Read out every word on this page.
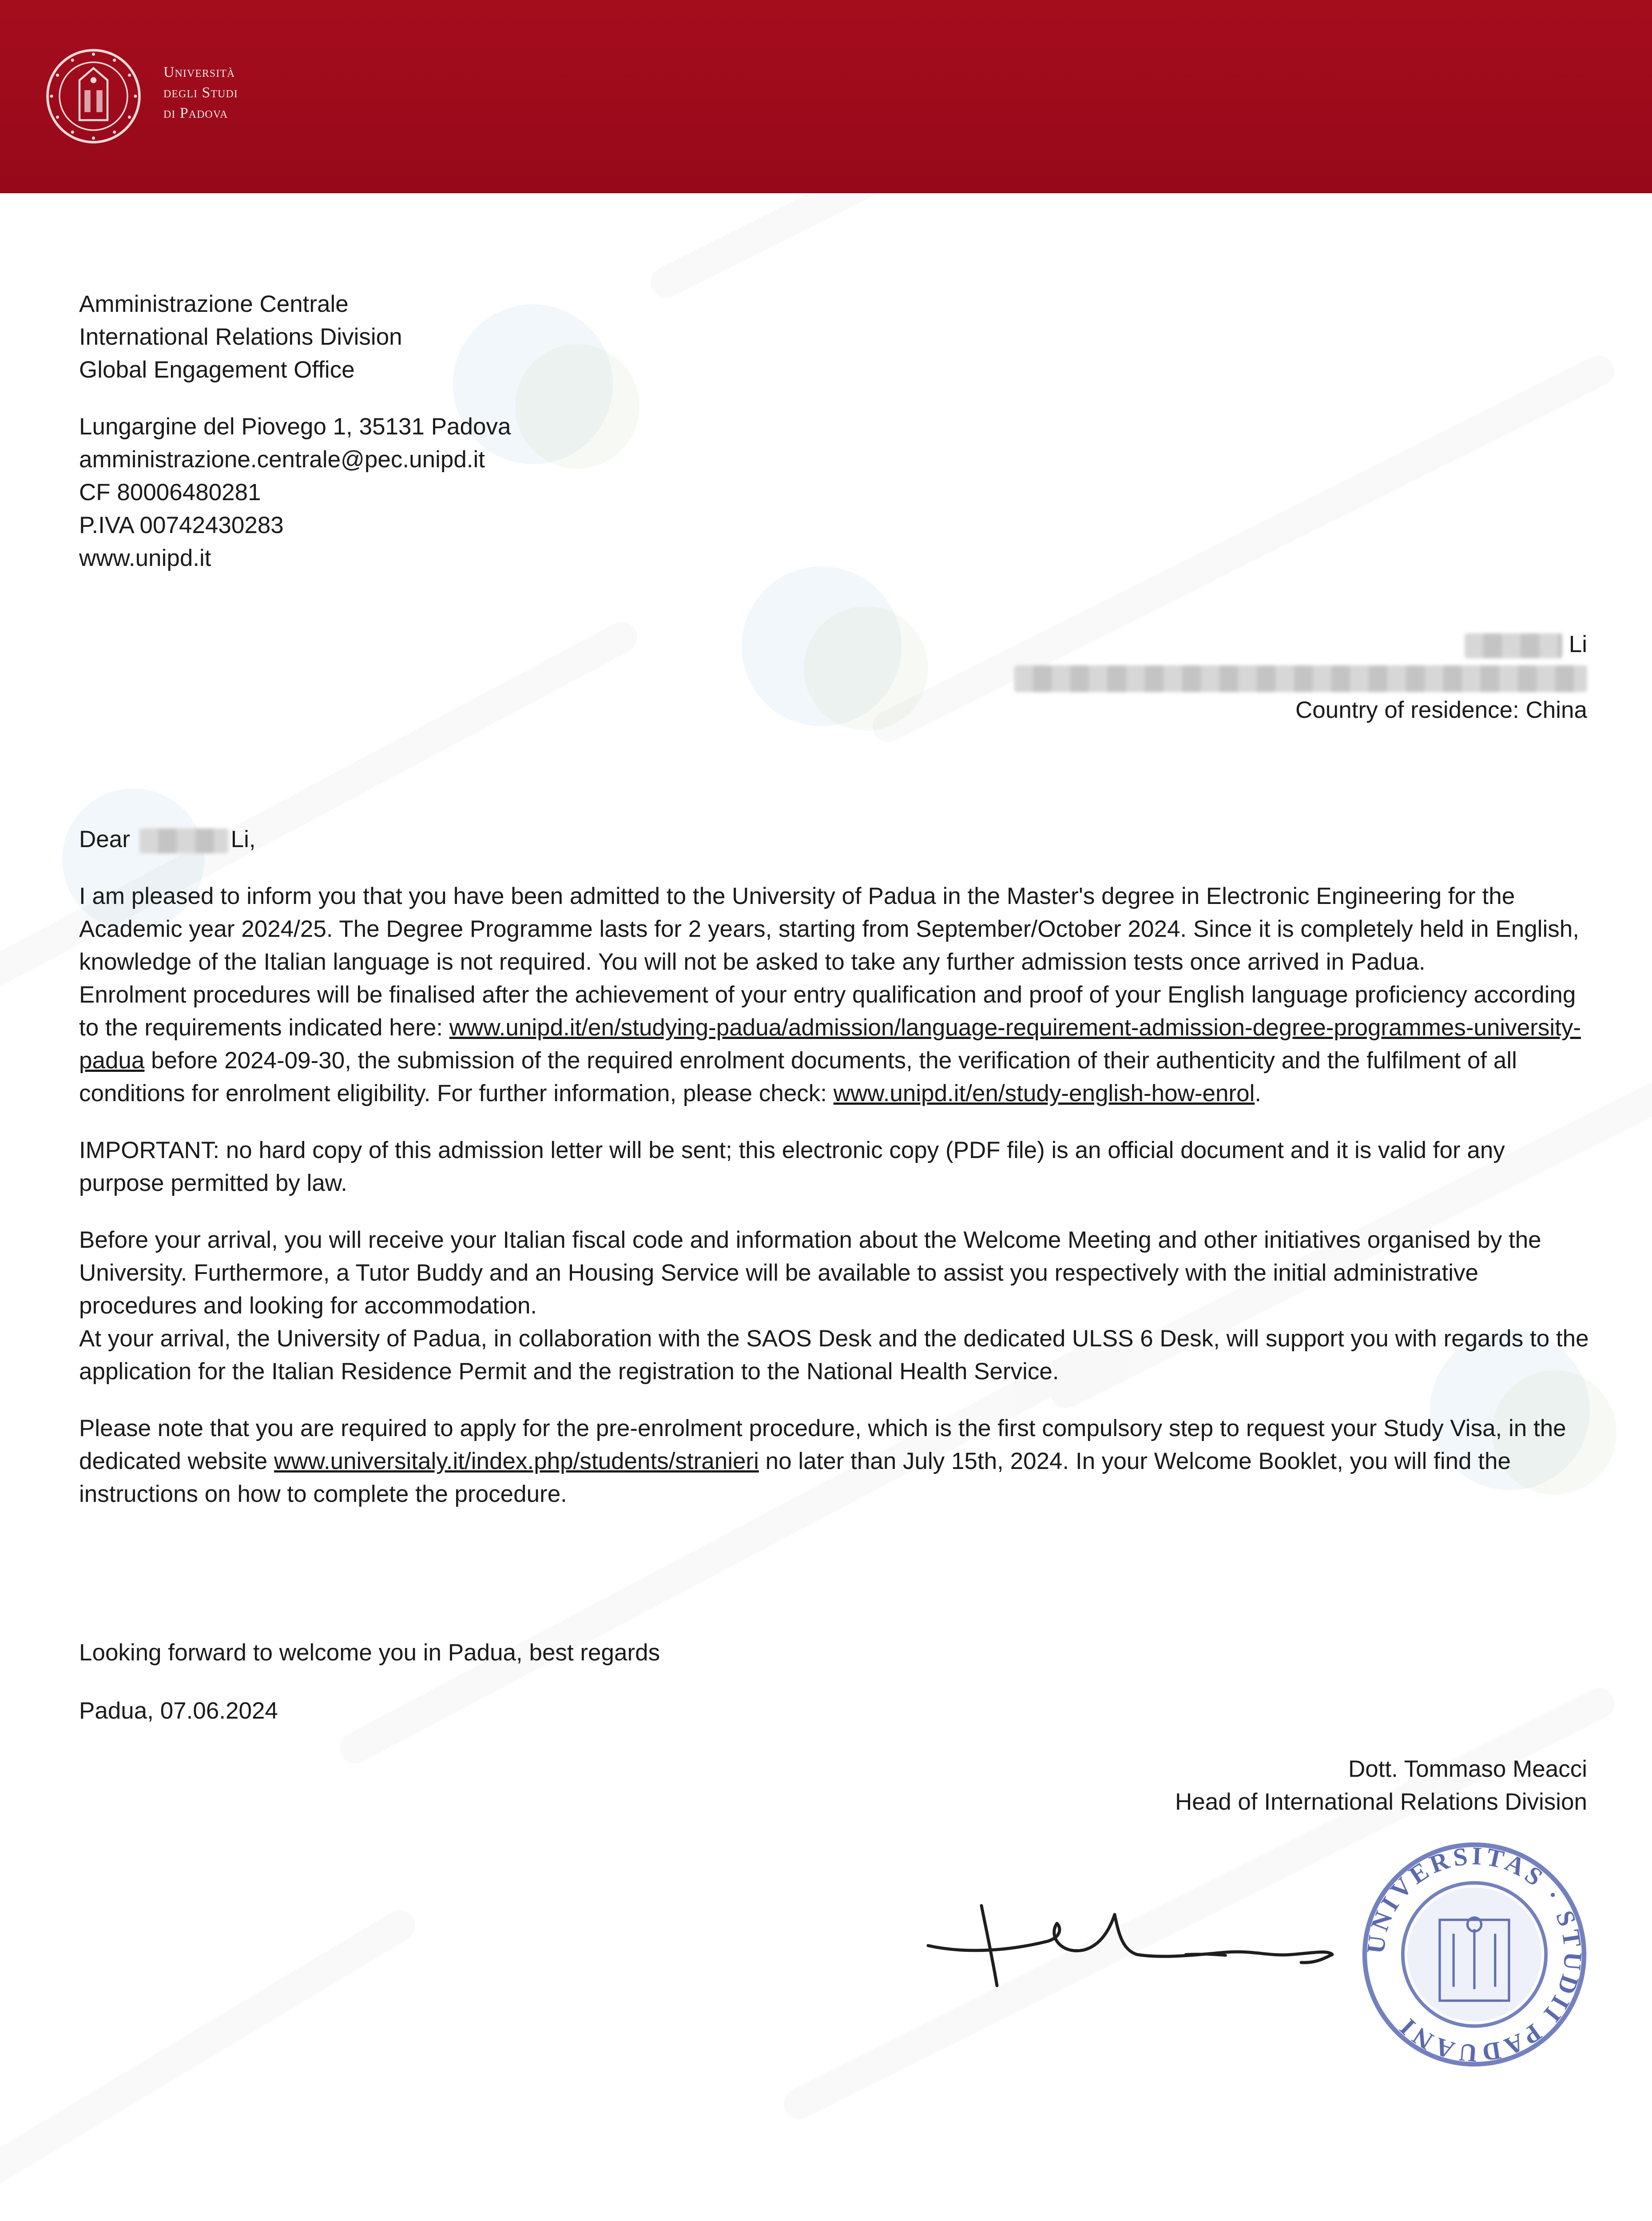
Università
degli Studi
di Padova
Amministrazione Centrale
International Relations Division
Global Engagement Office
Lungargine del Piovego 1, 35131 Padova
amministrazione.centrale@pec.unipd.it
CF 80006480281
P.IVA 00742430283
www.unipd.it
Li
Country of residence: China

Dear	Li,

I am pleased to inform you that you have been admitted to the University of Padua in the Master's degree in Electronic Engineering for the Academic year 2024/25. The Degree Programme lasts for 2 years, starting from September/October 2024. Since it is completely held in English, knowledge of the Italian language is not required. You will not be asked to take any further admission tests once arrived in Padua.

Enrolment procedures will be finalised after the achievement of your entry qualification and proof of your English language proficiency according to the requirements indicated here: www.unipd.it/en/studying-padua/admission/language-requirement-admission-degree-programmes-university-padua before 2024-09-30, the submission of the required enrolment documents, the verification of their authenticity and the fulfilment of all conditions for enrolment eligibility. For further information, please check: www.unipd.it/en/study-english-how-enrol.

IMPORTANT: no hard copy of this admission letter will be sent; this electronic copy (PDF file) is an official document and it is valid for any purpose permitted by law.

Before your arrival, you will receive your Italian fiscal code and information about the Welcome Meeting and other initiatives organised by the University. Furthermore, a Tutor Buddy and an Housing Service will be available to assist you respectively with the initial administrative procedures and looking for accommodation.

At your arrival, the University of Padua, in collaboration with the SAOS Desk and the dedicated ULSS 6 Desk, will support you with regards to the application for the Italian Residence Permit and the registration to the National Health Service.

Please note that you are required to apply for the pre-enrolment procedure, which is the first compulsory step to request your Study Visa, in the dedicated website www.universitaly.it/index.php/students/stranieri no later than July 15th, 2024. In your Welcome Booklet, you will find the instructions on how to complete the procedure.

Looking forward to welcome you in Padua, best regards
Padua, 07.06.2024
Dott. Tommaso Meacci
Head of International Relations Division
UNIVERSITAS · STUDII PADUANI
